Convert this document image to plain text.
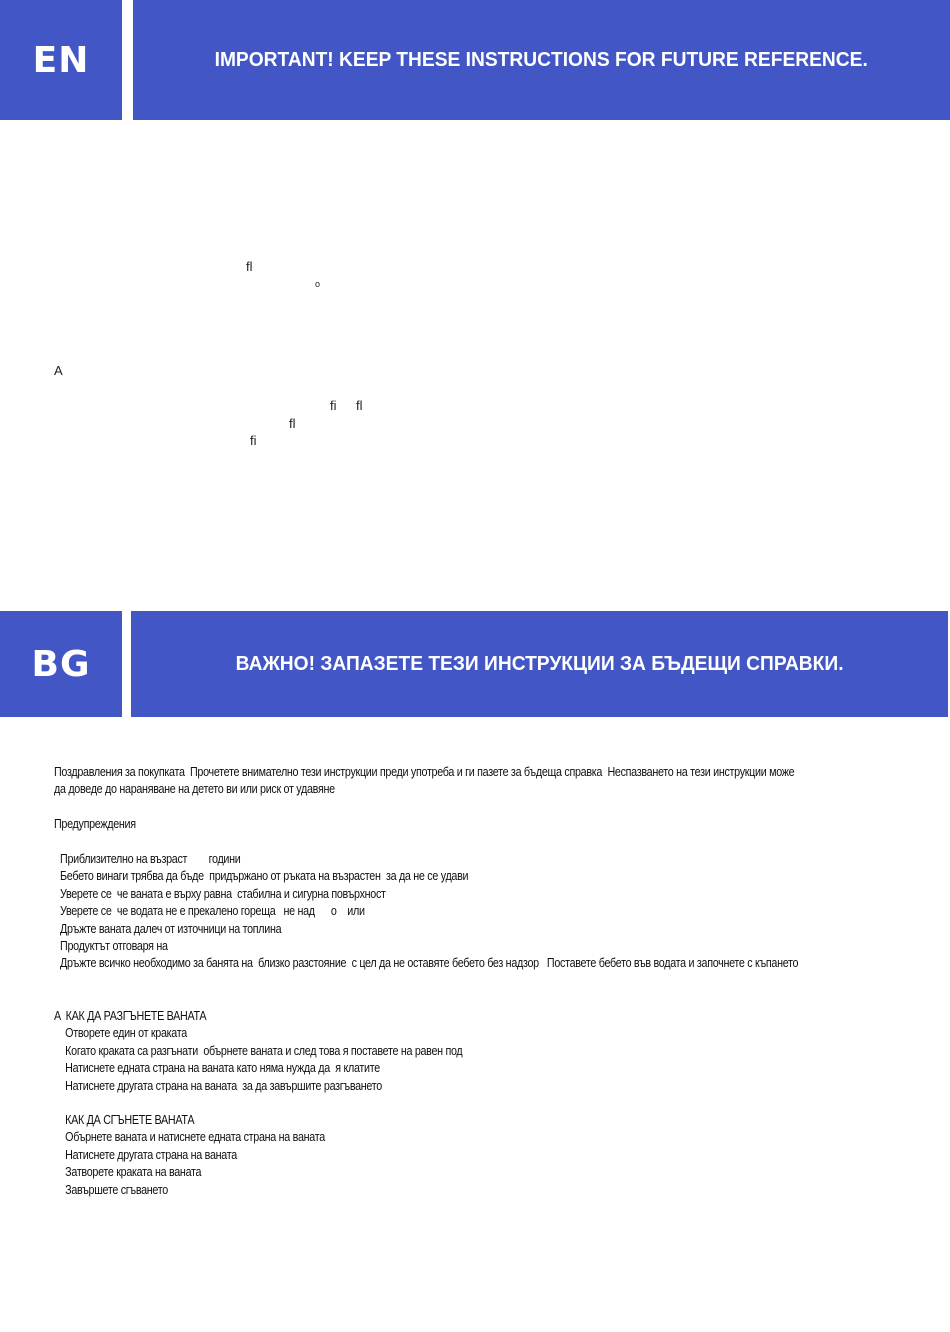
EN	IMPORTANT! KEEP THESE INSTRUCTIONS FOR FUTURE REFERENCE.
ﬂ
o
A
ﬁ ﬂ
ﬂ
ﬁ
BG	ВАЖНО! ЗАПАЗЕТЕ ТЕЗИ ИНСТРУКЦИИ ЗА БЪДЕЩИ СПРАВКИ.

Поздравления за покупката  Прочетете внимателно тези инструкции преди употреба и ги пазете за бъдеща справка  Неспазването на тези инструкции може

да доведе до нараняване на детето ви или риск от удавяне

Предупреждения

Приблизително на възраст        години

Бебето винаги трябва да бъде  придържано от ръката на възрастен  за да не се удави

Уверете се  че ваната е върху равна  стабилна и сигурна повърхност

Уверете се  че водата не е прекалено гореща   не над      o    или

Дръжте ваната далеч от източници на топлина

Продуктът отговаря на

Дръжте всичко необходимо за банята на  близко разстояние  с цел да не оставяте бебето без надзор   Поставете бебето във водата и започнете с къпането

A  КАК ДА РАЗГЪНЕТЕ ВАНАТА

Отворете един от краката

Когато краката са разгънати  обърнете ваната и след това я поставете на равен под

Натиснете едната страна на ваната като няма нужда да  я клатите

Натиснете другата страна на ваната  за да завършите разгъването

КАК ДА СГЪНЕТЕ ВАНАТА

Обърнете ваната и натиснете едната страна на ваната

Натиснете другата страна на ваната

Затворете краката на ваната

Завършете сгъването
